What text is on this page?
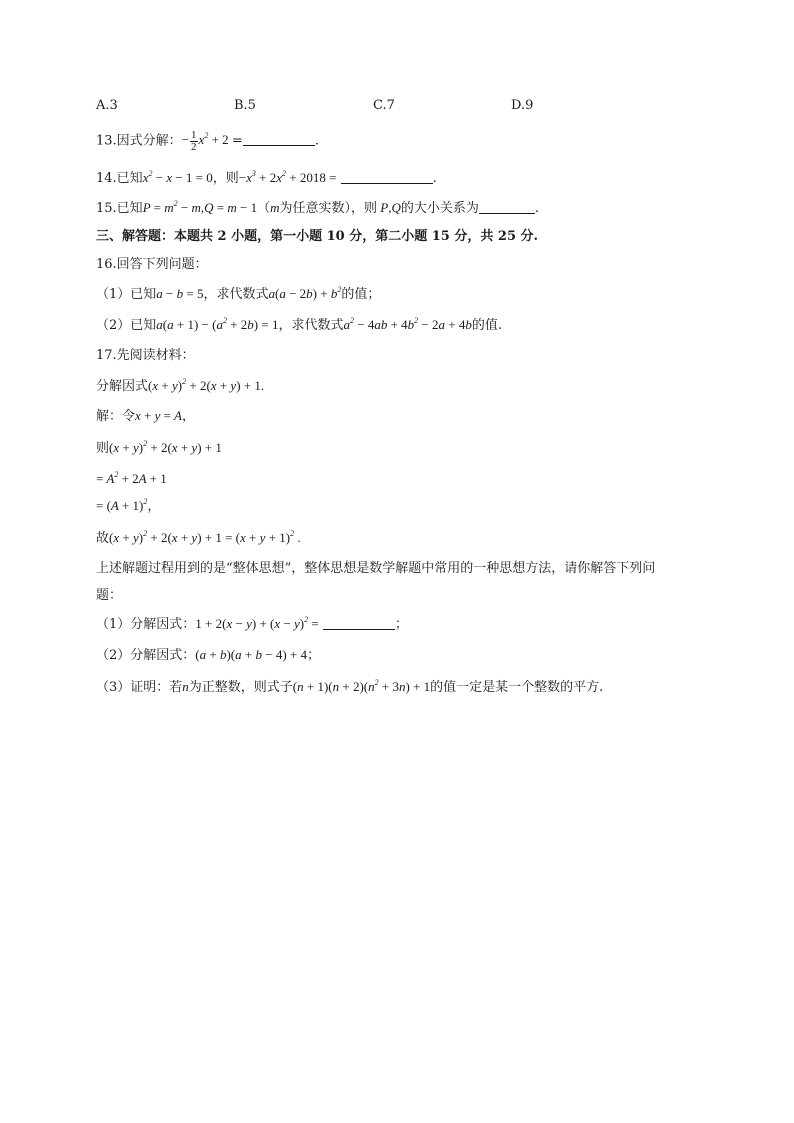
A.3	B.5	C.7	D.9
13.因式分解：− $\frac{1}{2} x^2 + 2$ =	.
14.已知$x^2 - x - 1 = 0$，则$-x^3 + 2x^2 + 2018$ =	.
15.已知$P = m^2 - m,Q = m - 1(m$为任意实数），则 P,Q的大小关系为	.
三、解答题：本题共 2 小题，第一小题 10 分，第二小题 15 分，共 25 分.
16.回答下列问题：
（1）已知a − b = 5，求代数式$a(a - 2b) + b^2$的值；
（2）已知$a(a + 1) - (a^2 + 2b) = 1$，求代数式$a^2 - 4ab + 4b^2 - 2a + 4b$的值.
17.先阅读材料：
分解因式$(x + y)^2 + 2(x + y) + 1$.
解：令x + y = A，
则$(x + y)^2 + 2(x + y) + 1$
= $A^2 + 2A + 1$
= $(A + 1)^2$，
故$(x + y)^2 + 2(x + y) + 1 = (x + y + 1)^2$ .
上述解题过程用到的是“整体思想”，整体思想是数学解题中常用的一种思想方法，请你解答下列问
题：
（1）分解因式：$1 + 2(x - y) + (x - y)^2$ =	；
（2）分解因式：(a + b)(a + b − 4) + 4；
（3）证明：若n为正整数，则式子$(n + 1)(n + 2)(n^2 + 3n) + 1$的值一定是某一个整数的平方.
